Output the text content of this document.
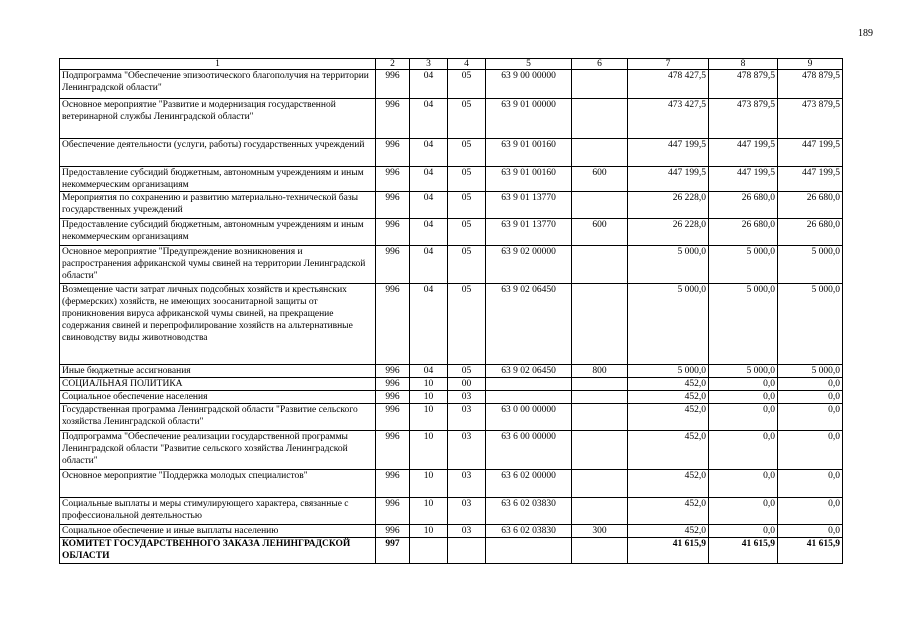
189
1	2	3	4	5	6	7	8	9
Подпрограмма "Обеспечение эпизоотического благополучия на территории Ленинградской области"	996	04	05	63 9 00 00000		478 427,5	478 879,5	478 879,5
Основное мероприятие "Развитие и модернизация государственной ветеринарной службы Ленинградской области"	996	04	05	63 9 01 00000		473 427,5	473 879,5	473 879,5
Обеспечение деятельности (услуги, работы) государственных учреждений	996	04	05	63 9 01 00160		447 199,5	447 199,5	447 199,5
Предоставление субсидий бюджетным, автономным учреждениям и иным некоммерческим организациям	996	04	05	63 9 01 00160	600	447 199,5	447 199,5	447 199,5
Мероприятия по сохранению и развитию материально-технической базы государственных учреждений	996	04	05	63 9 01 13770		26 228,0	26 680,0	26 680,0
Предоставление субсидий бюджетным, автономным учреждениям и иным некоммерческим организациям	996	04	05	63 9 01 13770	600	26 228,0	26 680,0	26 680,0
Основное мероприятие "Предупреждение возникновения и распространения африканской чумы свиней на территории Ленинградской области"	996	04	05	63 9 02 00000		5 000,0	5 000,0	5 000,0
Возмещение части затрат личных подсобных хозяйств и крестьянских (фермерских) хозяйств, не имеющих зоосанитарной защиты от проникновения вируса африканской чумы свиней, на прекращение содержания свиней и перепрофилирование хозяйств на альтернативные свиноводству виды животноводства	996	04	05	63 9 02 06450		5 000,0	5 000,0	5 000,0
Иные бюджетные ассигнования	996	04	05	63 9 02 06450	800	5 000,0	5 000,0	5 000,0
СОЦИАЛЬНАЯ ПОЛИТИКА	996	10	00			452,0	0,0	0,0
Социальное обеспечение населения	996	10	03			452,0	0,0	0,0
Государственная программа Ленинградской области "Развитие сельского хозяйства Ленинградской области"	996	10	03	63 0 00 00000		452,0	0,0	0,0
Подпрограмма "Обеспечение реализации государственной программы Ленинградской области "Развитие сельского хозяйства Ленинградской области"	996	10	03	63 6 00 00000		452,0	0,0	0,0
Основное мероприятие "Поддержка молодых специалистов"	996	10	03	63 6 02 00000		452,0	0,0	0,0
Социальные выплаты и меры стимулирующего характера, связанные с профессиональной деятельностью	996	10	03	63 6 02 03830		452,0	0,0	0,0
Социальное обеспечение и иные выплаты населению	996	10	03	63 6 02 03830	300	452,0	0,0	0,0
КОМИТЕТ ГОСУДАРСТВЕННОГО ЗАКАЗА ЛЕНИНГРАДСКОЙ ОБЛАСТИ	997					41 615,9	41 615,9	41 615,9
